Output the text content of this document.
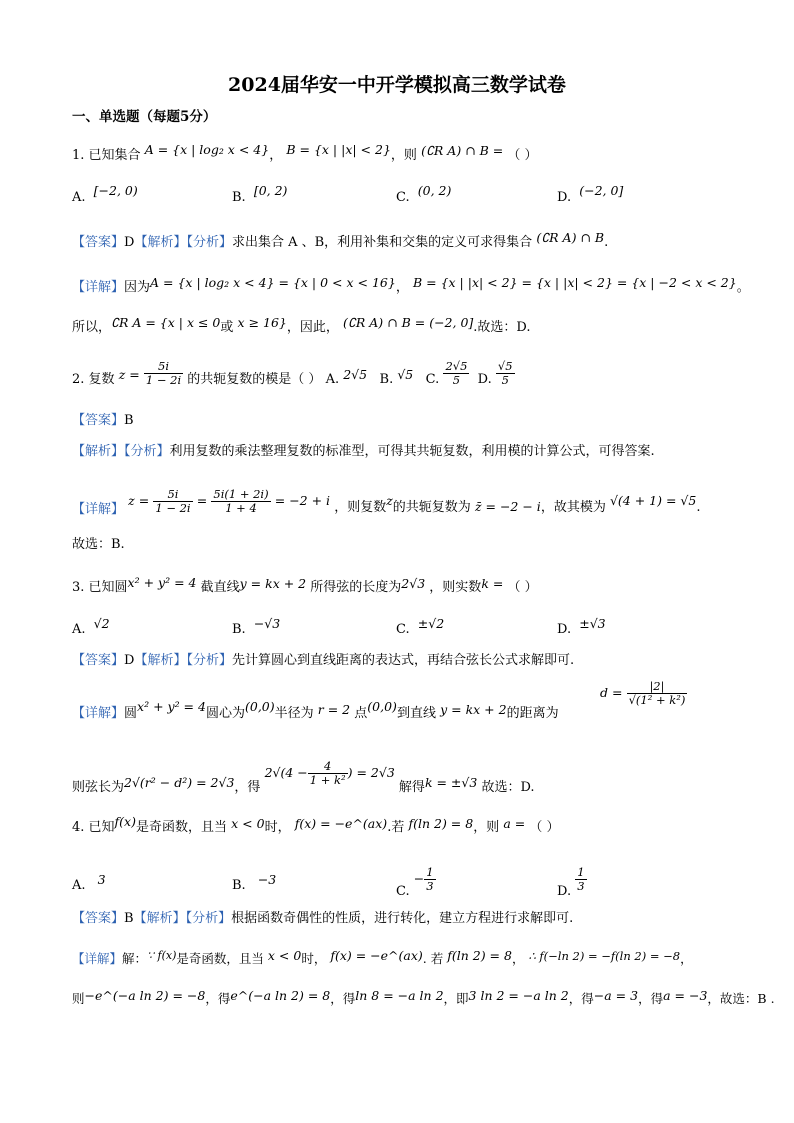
2024届华安一中开学模拟高三数学试卷
一、单选题（每题5分）
1. 已知集合 A = {x | log₂ x < 4}， B = {x | |x| < 2}，则 (∁R A) ∩ B = （ ）
A. [−2, 0)	B. [0, 2)	C. (0, 2)	D. (−2, 0]
【答案】D【解析】【分析】求出集合 A 、B，利用补集和交集的定义可求得集合 (∁R A) ∩ B.
【详解】因为A = {x | log₂ x < 4} = {x | 0 < x < 16}， B = {x | |x| < 2} = {x | |x| < 2} = {x | −2 < x < 2}。
所以，∁R A = {x | x ≤ 0或 x ≥ 16}，因此， (∁R A) ∩ B = (−2, 0].故选：D.
2. 复数 $z = \frac{5i}{1 - 2i}$ 的共轭复数的模是（ ） A. 2√5 B. √5 C. $\frac{2√5}{5} D$. $\frac{√5}{5}$
【答案】B
【解析】【分析】利用复数的乘法整理复数的标准型，可得其共轭复数，利用模的计算公式，可得答案.
【详解】 $z = \frac{5i}{1 - 2i} = \frac{5i(1 + 2i)}{1 + 4} = -2 + i$ ，则复数z的共轭复数为 z̄ = −2 − i，故其模为 √(4 + 1) = √5.
故选：B.
3. 已知圆x² + y² = 4 截直线y = kx + 2 所得弦的长度为2√3 ，则实数k = （ ）
A. √2	B. −√3	C. ±√2	D. ±√3
【答案】D【解析】【分析】先计算圆心到直线距离的表达式，再结合弦长公式求解即可.
【详解】圆x² + y² = 4圆心为(0,0)半径为 r = 2 点(0,0)到直线 y = kx + 2的距离为
$d = \frac{|2|}{\text{√(1² + k²)}}$
则弦长为2√(r² − d²) = 2√3，得 $2√(4 - \frac{4}{\text{1 + k²}}$ ) = 2√3 解得k = ±√3 故选：D.
4. 已知f(x)是奇函数，且当 x < 0时， f(x) = −e^(ax).若 f(ln 2) = 8，则 a = （ ）
A. 3	B. −3
C. − $\frac{1}{3}$	D. $\frac{1}{3}$
【答案】B【解析】【分析】根据函数奇偶性的性质，进行转化，建立方程进行求解即可.
【详解】解：∵ f(x)是奇函数，且当 x < 0时， f(x) = −e^(ax). 若 f(ln 2) = 8， ∴ f(−ln 2) = −f(ln 2) = −8，
则−e^(−a ln 2) = −8，得e^(−a ln 2) = 8，得ln 8 = −a ln 2，即3 ln 2 = −a ln 2，得−a = 3，得a = −3，故选：B .
